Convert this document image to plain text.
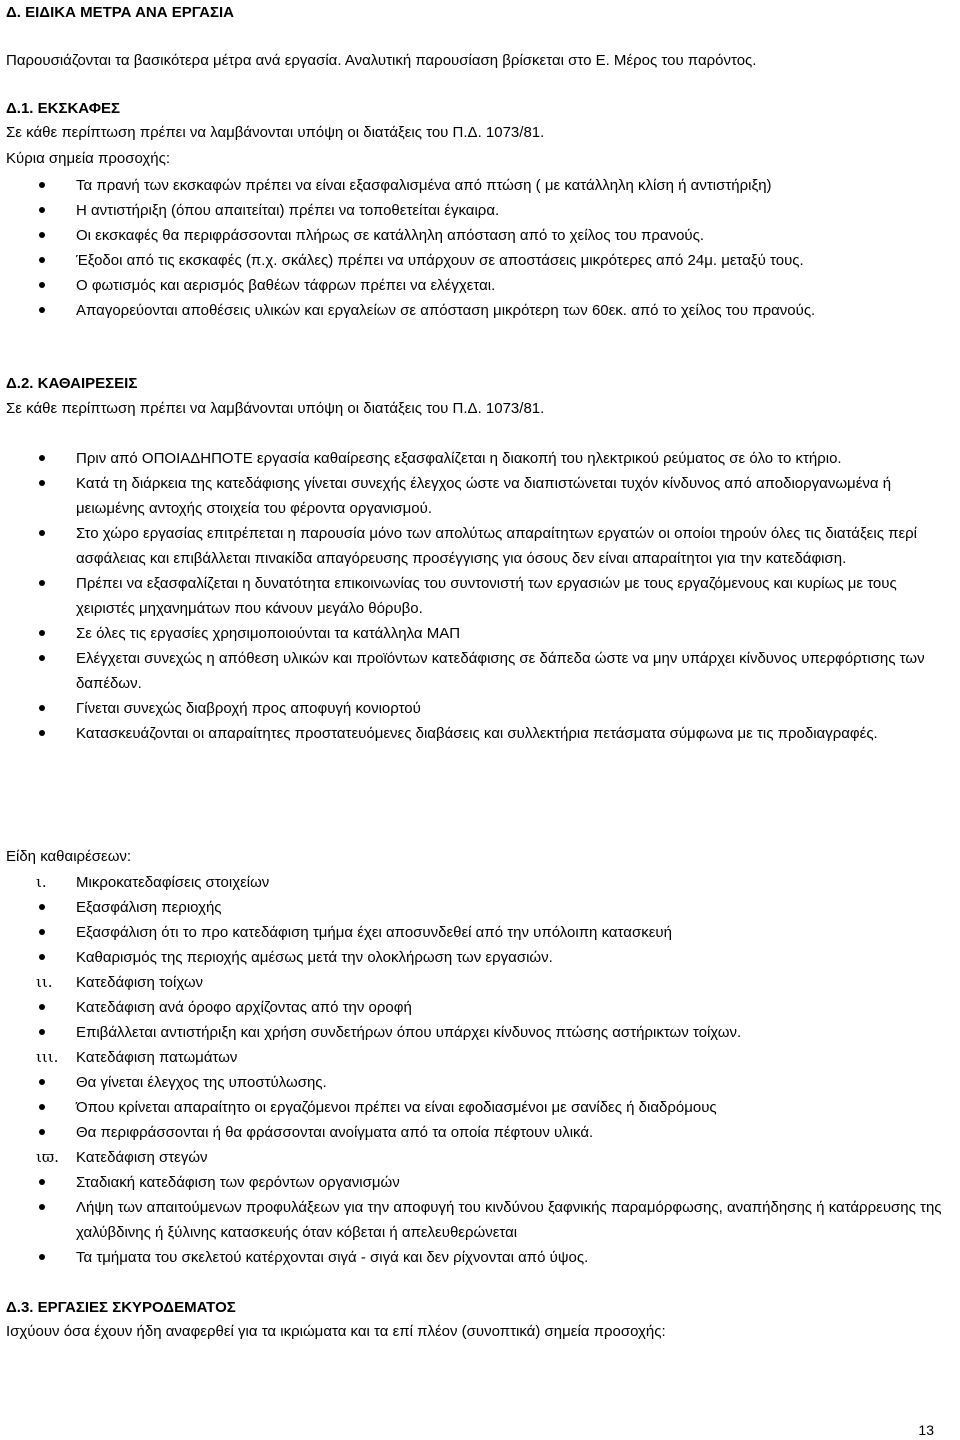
Δ. ΕΙΔΙΚΑ ΜΕΤΡΑ ΑΝΑ ΕΡΓΑΣΙΑ
Παρουσιάζονται τα βασικότερα μέτρα ανά εργασία. Αναλυτική παρουσίαση βρίσκεται στο Ε. Μέρος του παρόντος.
Δ.1. ΕΚΣΚΑΦΕΣ
Σε κάθε περίπτωση πρέπει να λαμβάνονται υπόψη οι διατάξεις του Π.Δ. 1073/81.
Κύρια σημεία προσοχής:
Τα πρανή των εκσκαφών πρέπει να είναι εξασφαλισμένα από πτώση ( με κατάλληλη κλίση ή αντιστήριξη)
Η αντιστήριξη (όπου απαιτείται) πρέπει να τοποθετείται έγκαιρα.
Οι εκσκαφές θα περιφράσσονται πλήρως σε κατάλληλη απόσταση από το χείλος του πρανούς.
Έξοδοι από τις εκσκαφές (π.χ. σκάλες) πρέπει να υπάρχουν σε αποστάσεις μικρότερες από 24μ. μεταξύ τους.
Ο φωτισμός και αερισμός βαθέων τάφρων πρέπει να ελέγχεται.
Απαγορεύονται αποθέσεις υλικών και εργαλείων σε απόσταση μικρότερη των 60εκ. από το χείλος του πρανούς.
Δ.2. ΚΑΘΑΙΡΕΣΕΙΣ
Σε κάθε περίπτωση πρέπει να λαμβάνονται υπόψη οι διατάξεις του Π.Δ. 1073/81.
Πριν από ΟΠΟΙΑΔΗΠΟΤΕ εργασία καθαίρεσης εξασφαλίζεται η διακοπή του ηλεκτρικού ρεύματος σε όλο το κτήριο.
Κατά τη διάρκεια της κατεδάφισης γίνεται συνεχής έλεγχος ώστε να διαπιστώνεται τυχόν κίνδυνος από αποδιοργανωμένα ή μειωμένης αντοχής στοιχεία του φέροντα οργανισμού.
Στο χώρο εργασίας επιτρέπεται η παρουσία μόνο των απολύτως απαραίτητων εργατών οι οποίοι τηρούν όλες τις διατάξεις περί ασφάλειας και επιβάλλεται πινακίδα απαγόρευσης προσέγγισης για όσους δεν είναι απαραίτητοι για την κατεδάφιση.
Πρέπει να εξασφαλίζεται η δυνατότητα επικοινωνίας του συντονιστή των εργασιών με τους εργαζόμενους και κυρίως με τους χειριστές μηχανημάτων που κάνουν μεγάλο θόρυβο.
Σε όλες τις εργασίες χρησιμοποιούνται τα κατάλληλα ΜΑΠ
Ελέγχεται συνεχώς η απόθεση υλικών και προϊόντων κατεδάφισης σε δάπεδα ώστε να μην υπάρχει κίνδυνος υπερφόρτισης των δαπέδων.
Γίνεται συνεχώς διαβροχή προς αποφυγή κονιορτού
Κατασκευάζονται οι απαραίτητες προστατευόμενες διαβάσεις και συλλεκτήρια πετάσματα σύμφωνα με τις προδιαγραφές.
Είδη καθαιρέσεων:
ι. Μικροκατεδαφίσεις στοιχείων
Εξασφάλιση περιοχής
Εξασφάλιση ότι το προ κατεδάφιση τμήμα έχει αποσυνδεθεί από την υπόλοιπη κατασκευή
Καθαρισμός της περιοχής αμέσως μετά την ολοκλήρωση των εργασιών.
ιι. Κατεδάφιση τοίχων
Κατεδάφιση ανά όροφο αρχίζοντας από την οροφή
Επιβάλλεται αντιστήριξη και χρήση συνδετήρων όπου υπάρχει κίνδυνος πτώσης αστήρικτων τοίχων.
ιιι. Κατεδάφιση πατωμάτων
Θα γίνεται έλεγχος της υποστύλωσης.
Όπου κρίνεται απαραίτητο οι εργαζόμενοι πρέπει να είναι εφοδιασμένοι με σανίδες ή διαδρόμους
Θα περιφράσσονται ή θα φράσσονται ανοίγματα από τα οποία πέφτουν υλικά.
ιϖ. Κατεδάφιση στεγών
Σταδιακή κατεδάφιση των φερόντων οργανισμών
Λήψη των απαιτούμενων προφυλάξεων για την αποφυγή του κινδύνου ξαφνικής παραμόρφωσης, αναπήδησης ή κατάρρευσης της χαλύβδινης ή ξύλινης κατασκευής όταν κόβεται ή απελευθερώνεται
Τα τμήματα του σκελετού κατέρχονται σιγά - σιγά και δεν ρίχνονται από ύψος.
Δ.3. ΕΡΓΑΣΙΕΣ ΣΚΥΡΟΔΕΜΑΤΟΣ
Ισχύουν όσα έχουν ήδη αναφερθεί για τα ικριώματα και τα επί πλέον (συνοπτικά) σημεία προσοχής:
13
